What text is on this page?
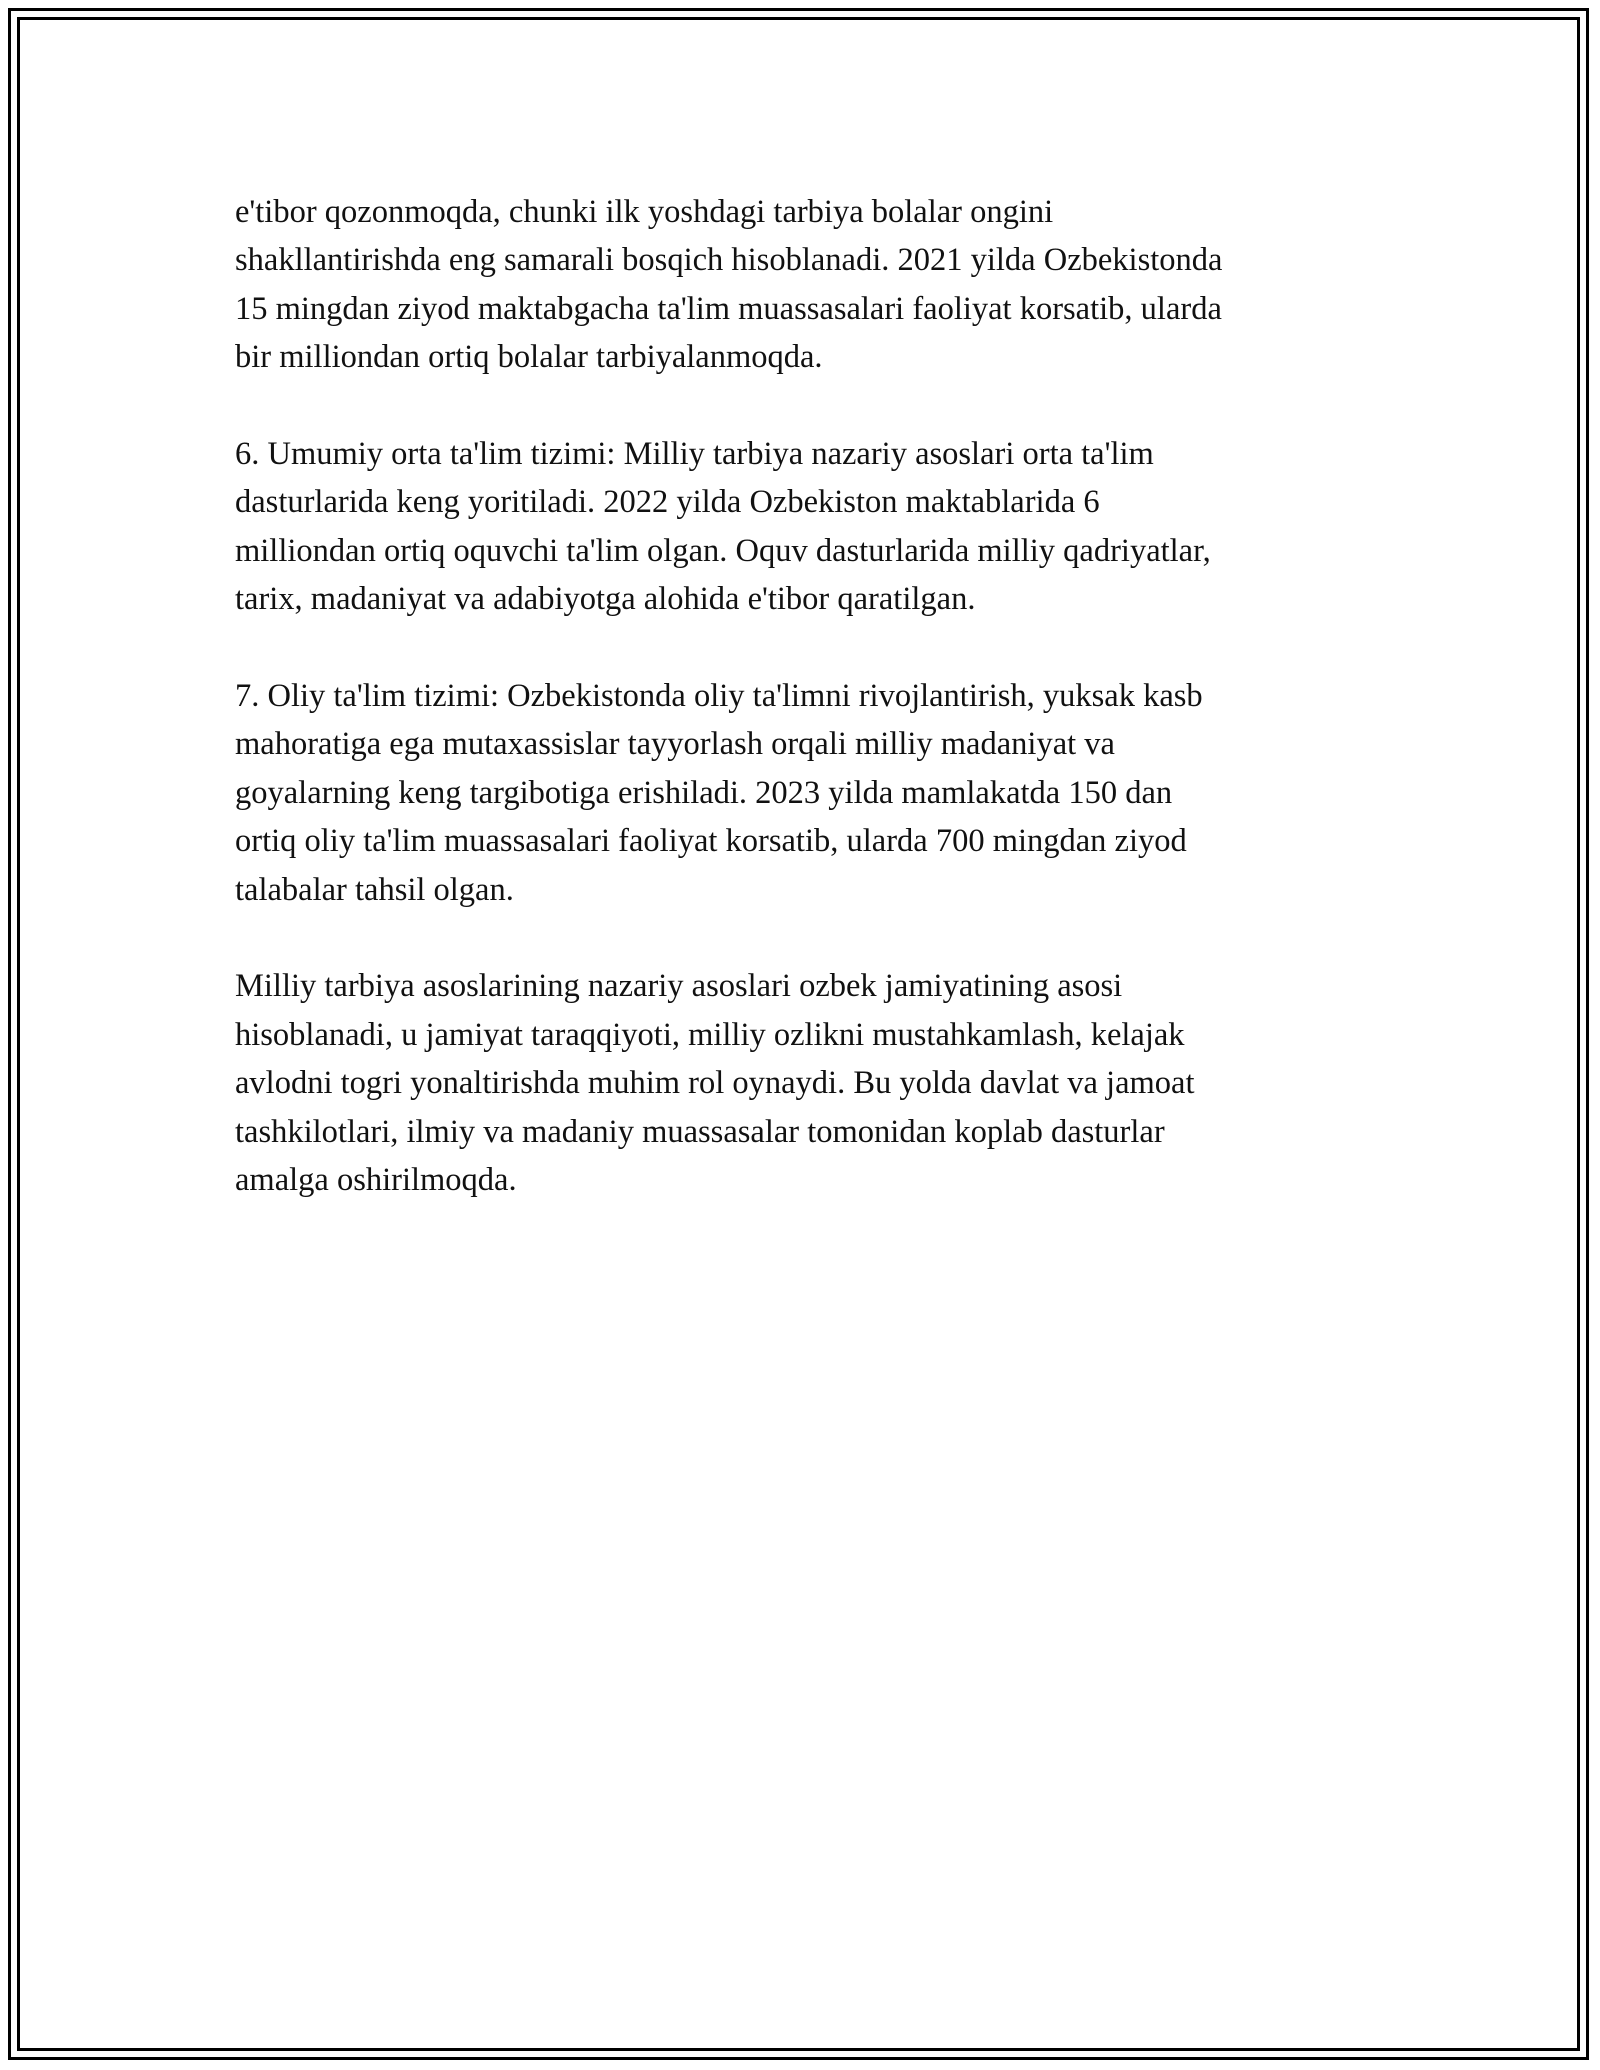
e'tibor qozonmoqda, chunki ilk yoshdagi tarbiya bolalar ongini
shakllantirishda eng samarali bosqich hisoblanadi. 2021 yilda Ozbekistonda
15 mingdan ziyod maktabgacha ta'lim muassasalari faoliyat korsatib, ularda
bir milliondan ortiq bolalar tarbiyalanmoqda.

6. Umumiy orta ta'lim tizimi: Milliy tarbiya nazariy asoslari orta ta'lim
dasturlarida keng yoritiladi. 2022 yilda Ozbekiston maktablarida 6
milliondan ortiq oquvchi ta'lim olgan. Oquv dasturlarida milliy qadriyatlar,
tarix, madaniyat va adabiyotga alohida e'tibor qaratilgan.

7. Oliy ta'lim tizimi: Ozbekistonda oliy ta'limni rivojlantirish, yuksak kasb
mahoratiga ega mutaxassislar tayyorlash orqali milliy madaniyat va
goyalarning keng targibotiga erishiladi. 2023 yilda mamlakatda 150 dan
ortiq oliy ta'lim muassasalari faoliyat korsatib, ularda 700 mingdan ziyod
talabalar tahsil olgan.

Milliy tarbiya asoslarining nazariy asoslari ozbek jamiyatining asosi
hisoblanadi, u jamiyat taraqqiyoti, milliy ozlikni mustahkamlash, kelajak
avlodni togri yonaltirishda muhim rol oynaydi. Bu yolda davlat va jamoat
tashkilotlari, ilmiy va madaniy muassasalar tomonidan koplab dasturlar
amalga oshirilmoqda.
